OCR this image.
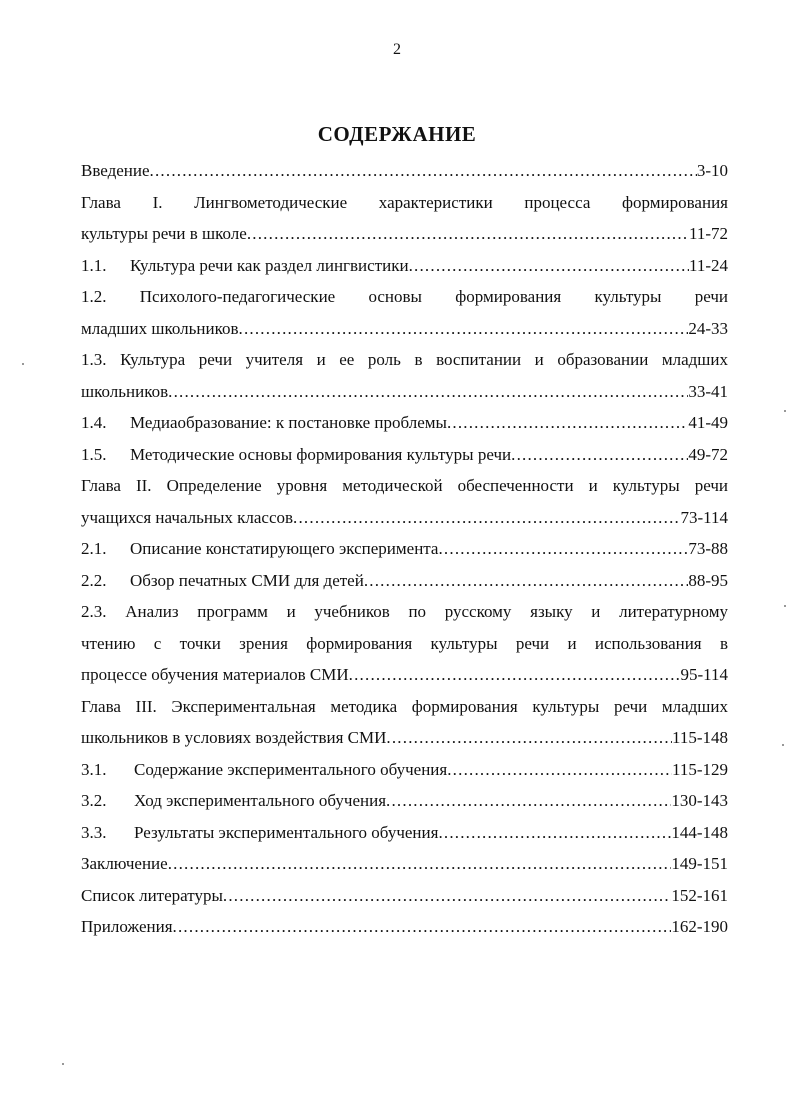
2
СОДЕРЖАНИЕ
Введение .....	3-10
Глава I. Лингвометодические характеристики процесса формирования
культуры речи в школе .....	11-72
1.1.	Культура речи как раздел лингвистики .....	11-24
1.2. Психолого-педагогические основы формирования культуры речи
младших школьников .....	24-33
1.3. Культура речи учителя и ее роль в воспитании и образовании младших
школьников .....	33-41
1.4.	Медиаобразование: к постановке проблемы .....	41-49
1.5.	Методические основы формирования культуры речи .....	49-72
Глава II. Определение уровня методической обеспеченности и культуры речи
учащихся начальных классов .....	73-114
2.1.	Описание констатирующего эксперимента .....	73-88
2.2.	Обзор печатных СМИ для детей .....	88-95
2.3. Анализ программ и учебников по русскому языку и литературному
чтению с точки зрения формирования культуры речи и использования в
процессе обучения материалов СМИ .....	95-114
Глава III. Экспериментальная методика формирования культуры речи младших
школьников в условиях воздействия СМИ .....	115-148
3.1.	Содержание экспериментального обучения .....	115-129
3.2.	Ход экспериментального обучения .....	130-143
3.3.	Результаты экспериментального обучения .....	144-148
Заключение .....	149-151
Список литературы .....	152-161
Приложения .....	162-190
